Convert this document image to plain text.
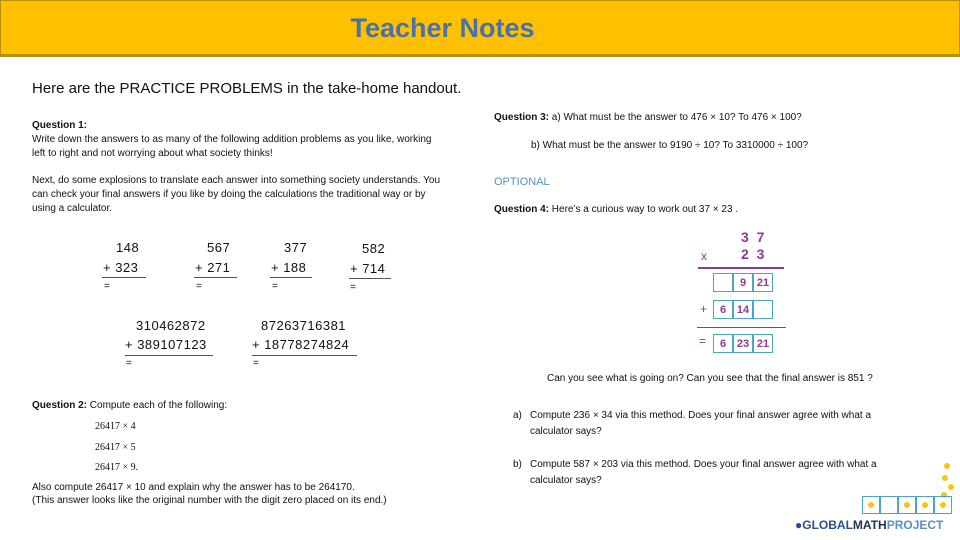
Teacher Notes
Here are the PRACTICE PROBLEMS in the take-home handout.
Question 1:
Write down the answers to as many of the following addition problems as you like, working
left to right and not worrying about what society thinks!
Next, do some explosions to translate each answer into something society understands. You
can check your final answers if you like by doing the calculations the traditional way or by
using a calculator.
148
+ 323
=
567
+ 271
=
377
+ 188
=
582
+ 714
=
310462872
+ 389107123
=
87263716381
+ 18778274824
=
Question 2: Compute each of the following:
26417 × 4
26417 × 5
26417 × 9.
Also compute 26417 × 10 and explain why the answer has to be 264170.
(This answer looks like the original number with the digit zero placed on its end.)
Question 3: a) What must be the answer to 476 × 10? To 476 × 100?
b) What must be the answer to 9190 ÷ 10? To 3310000 ÷ 100?
OPTIONAL
Question 4: Here’s a curious way to work out 37 × 23 .
3 7
x 2 3
9 21
+	6 14
=	6 23 21
Can you see what is going on? Can you see that the final answer is 851 ?
a) Compute 236 × 34 via this method. Does your final answer agree with what a
calculator says?
b) Compute 587 × 203 via this method. Does your final answer agree with what a
calculator says?
●GLOBALMATHPROJECT
